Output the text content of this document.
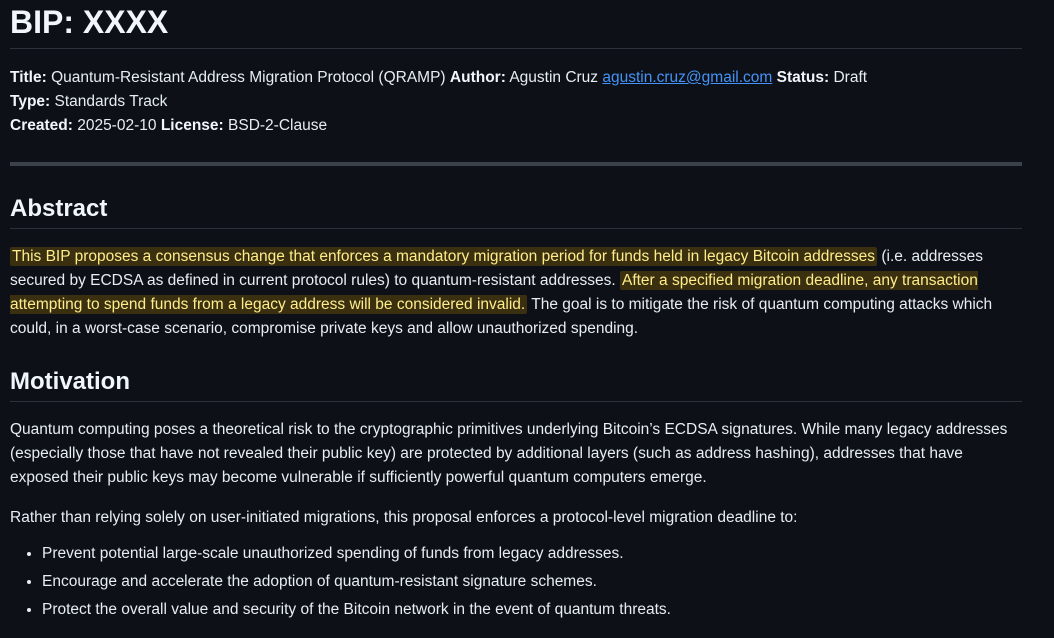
BIP: XXXX
Title: Quantum-Resistant Address Migration Protocol (QRAMP) Author: Agustin Cruz agustin.cruz@gmail.com Status: Draft
Type: Standards Track
Created: 2025-02-10 License: BSD-2-Clause
Abstract

This BIP proposes a consensus change that enforces a mandatory migration period for funds held in legacy Bitcoin addresses (i.e. addresses secured by ECDSA as defined in current protocol rules) to quantum-resistant addresses. After a specified migration deadline, any transaction attempting to spend funds from a legacy address will be considered invalid. The goal is to mitigate the risk of quantum computing attacks which could, in a worst-case scenario, compromise private keys and allow unauthorized spending.

Motivation

Quantum computing poses a theoretical risk to the cryptographic primitives underlying Bitcoin’s ECDSA signatures. While many legacy addresses (especially those that have not revealed their public key) are protected by additional layers (such as address hashing), addresses that have exposed their public keys may become vulnerable if sufficiently powerful quantum computers emerge.

Rather than relying solely on user-initiated migrations, this proposal enforces a protocol-level migration deadline to:

• Prevent potential large-scale unauthorized spending of funds from legacy addresses.
• Encourage and accelerate the adoption of quantum-resistant signature schemes.
• Protect the overall value and security of the Bitcoin network in the event of quantum threats.
